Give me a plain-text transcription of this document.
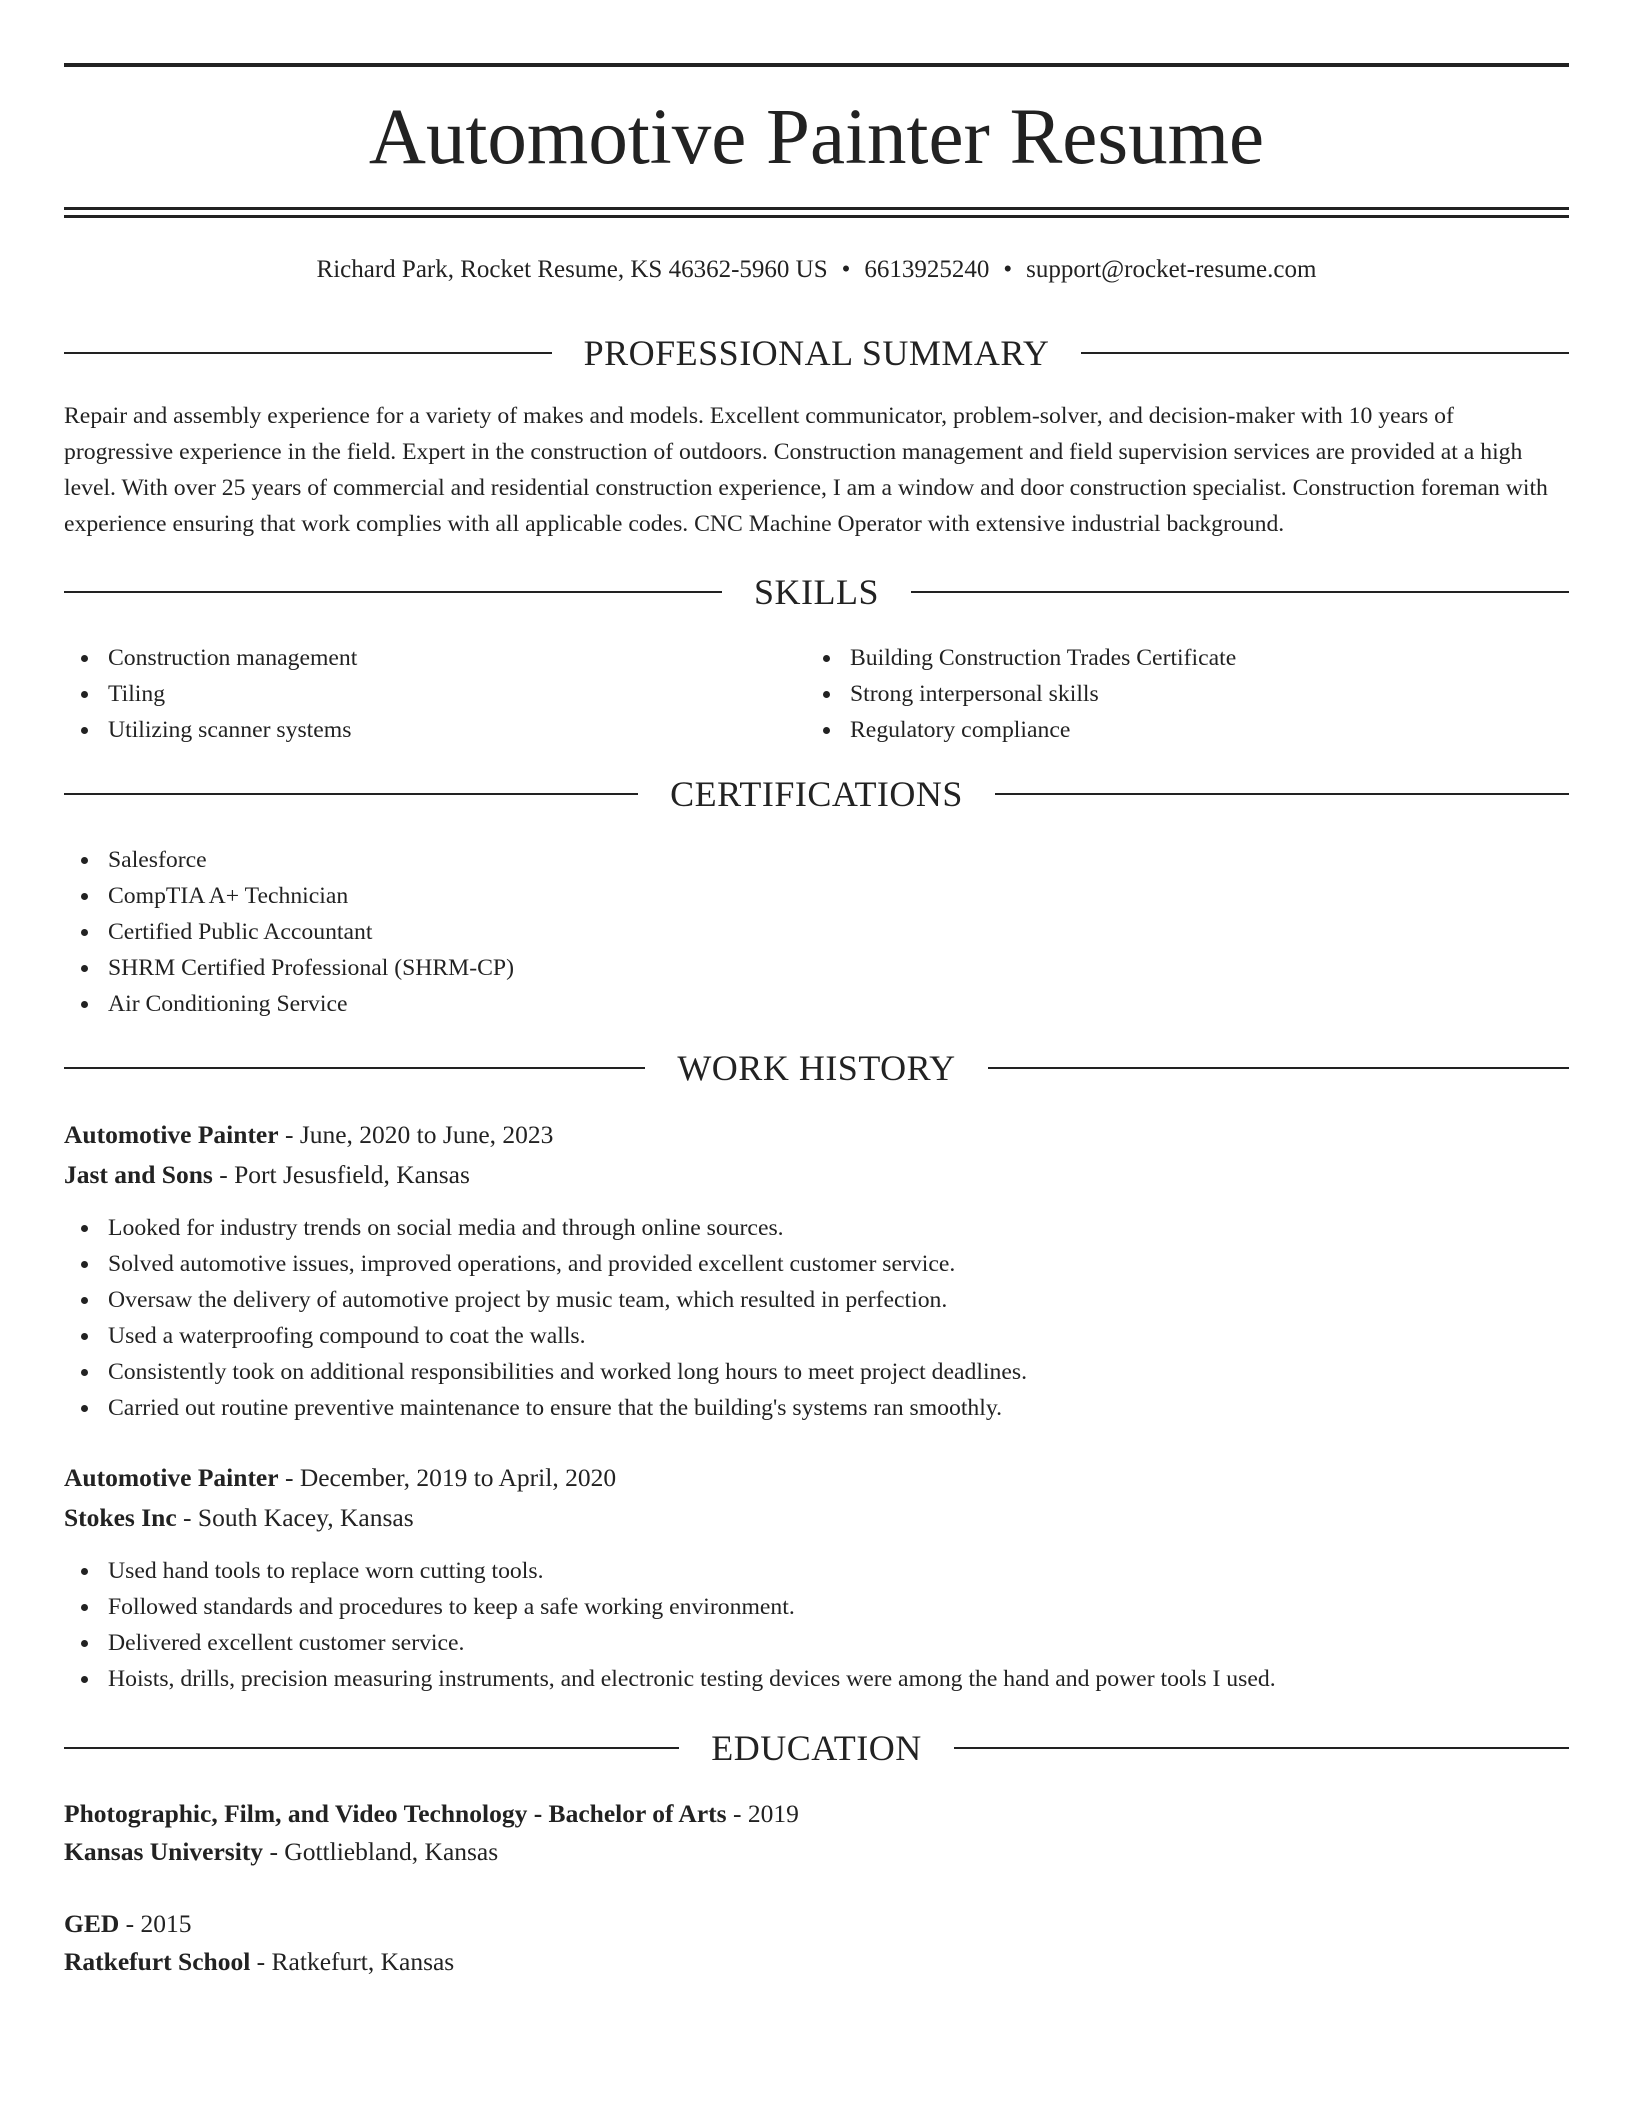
Automotive Painter Resume
Richard Park, Rocket Resume, KS 46362-5960 US • 6613925240 • support@rocket-resume.com
PROFESSIONAL SUMMARY

Repair and assembly experience for a variety of makes and models. Excellent communicator, problem-solver, and decision-maker with 10 years of progressive experience in the field. Expert in the construction of outdoors. Construction management and field supervision services are provided at a high level. With over 25 years of commercial and residential construction experience, I am a window and door construction specialist. Construction foreman with experience ensuring that work complies with all applicable codes. CNC Machine Operator with extensive industrial background.

SKILLS
Construction management
Tiling
Utilizing scanner systems
Building Construction Trades Certificate
Strong interpersonal skills
Regulatory compliance
CERTIFICATIONS
Salesforce
CompTIA A+ Technician
Certified Public Accountant
SHRM Certified Professional (SHRM-CP)
Air Conditioning Service
WORK HISTORY
Automotive Painter - June, 2020 to June, 2023
Jast and Sons - Port Jesusfield, Kansas
Looked for industry trends on social media and through online sources.
Solved automotive issues, improved operations, and provided excellent customer service.
Oversaw the delivery of automotive project by music team, which resulted in perfection.
Used a waterproofing compound to coat the walls.
Consistently took on additional responsibilities and worked long hours to meet project deadlines.
Carried out routine preventive maintenance to ensure that the building's systems ran smoothly.
Automotive Painter - December, 2019 to April, 2020
Stokes Inc - South Kacey, Kansas
Used hand tools to replace worn cutting tools.
Followed standards and procedures to keep a safe working environment.
Delivered excellent customer service.
Hoists, drills, precision measuring instruments, and electronic testing devices were among the hand and power tools I used.
EDUCATION
Photographic, Film, and Video Technology - Bachelor of Arts - 2019
Kansas University - Gottliebland, Kansas
GED - 2015
Ratkefurt School - Ratkefurt, Kansas
